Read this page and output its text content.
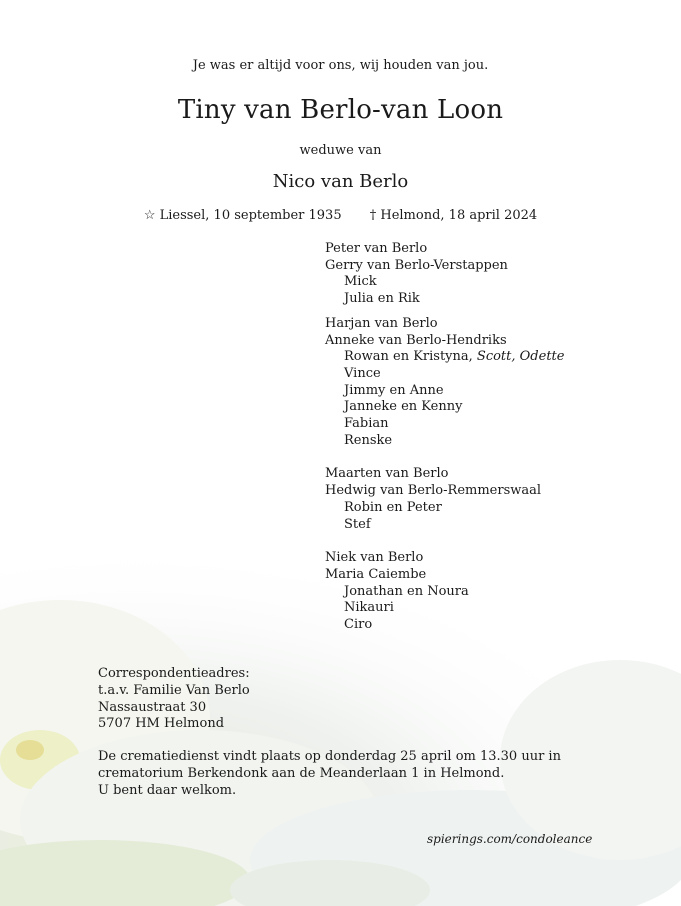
Je was er altijd voor ons, wij houden van jou.
Tiny van Berlo-van Loon
weduwe van
Nico van Berlo
☆ Liessel, 10 september 1935 † Helmond, 18 april 2024
Peter van Berlo
Gerry van Berlo-Verstappen
Mick
Julia en Rik
Harjan van Berlo
Anneke van Berlo-Hendriks
Rowan en Kristyna, Scott, Odette
Vince
Jimmy en Anne
Janneke en Kenny
Fabian
Renske
Maarten van Berlo
Hedwig van Berlo-Remmerswaal
Robin en Peter
Stef
Niek van Berlo
Maria Caiembe
Jonathan en Noura
Nikauri
Ciro
Correspondentieadres:
t.a.v. Familie Van Berlo
Nassaustraat 30
5707 HM Helmond
De crematiedienst vindt plaats op donderdag 25 april om 13.30 uur in
crematorium Berkendonk aan de Meanderlaan 1 in Helmond.
U bent daar welkom.
spierings.com/condoleance
